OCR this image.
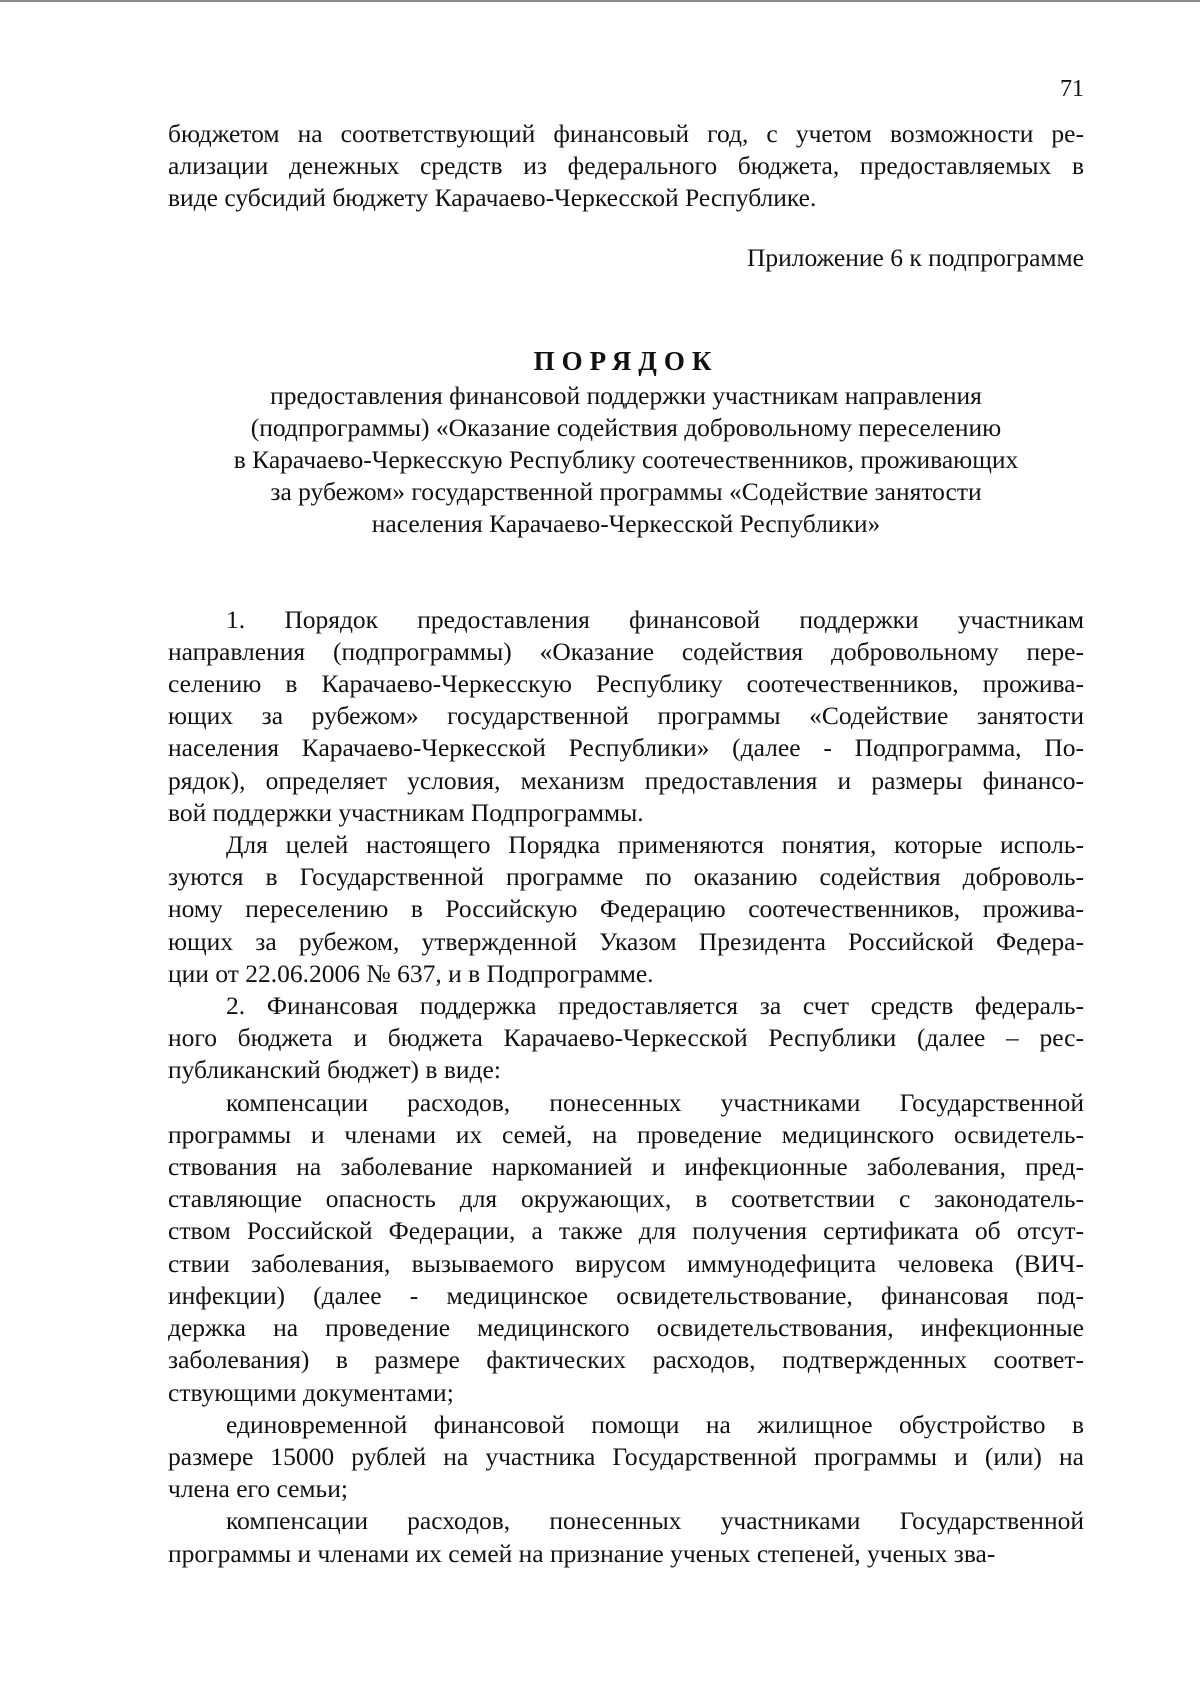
71

бюджетом на соответствующий финансовый год, с учетом возможности ре-

ализации денежных средств из федерального бюджета, предоставляемых в

виде субсидий бюджету Карачаево-Черкесской Республике.

Приложение 6 к подпрограмме

ПОРЯДОК
предоставления финансовой поддержки участникам направления
(подпрограммы) «Оказание содействия добровольному переселению
в Карачаево-Черкесскую Республику соотечественников, проживающих
за рубежом» государственной программы «Содействие занятости
населения Карачаево-Черкесской Республики»
1. Порядок предоставления финансовой поддержки участникам
направления (подпрограммы) «Оказание содействия добровольному пере-
селению в Карачаево-Черкесскую Республику соотечественников, прожива-
ющих за рубежом» государственной программы «Содействие занятости
населения Карачаево-Черкесской Республики» (далее - Подпрограмма, По-
рядок), определяет условия, механизм предоставления и размеры финансо-
вой поддержки участникам Подпрограммы.
Для целей настоящего Порядка применяются понятия, которые исполь-
зуются в Государственной программе по оказанию содействия доброволь-
ному переселению в Российскую Федерацию соотечественников, прожива-
ющих за рубежом, утвержденной Указом Президента Российской Федера-
ции от 22.06.2006 № 637, и в Подпрограмме.
2. Финансовая поддержка предоставляется за счет средств федераль-
ного бюджета и бюджета Карачаево-Черкесской Республики (далее – рес-
публиканский бюджет) в виде:
компенсации расходов, понесенных участниками Государственной
программы и членами их семей, на проведение медицинского освидетель-
ствования на заболевание наркоманией и инфекционные заболевания, пред-
ставляющие опасность для окружающих, в соответствии с законодатель-
ством Российской Федерации, а также для получения сертификата об отсут-
ствии заболевания, вызываемого вирусом иммунодефицита человека (ВИЧ-
инфекции) (далее - медицинское освидетельствование, финансовая под-
держка на проведение медицинского освидетельствования, инфекционные
заболевания) в размере фактических расходов, подтвержденных соответ-
ствующими документами;
единовременной финансовой помощи на жилищное обустройство в
размере 15000 рублей на участника Государственной программы и (или) на
члена его семьи;
компенсации расходов, понесенных участниками Государственной
программы и членами их семей на признание ученых степеней, ученых зва-
